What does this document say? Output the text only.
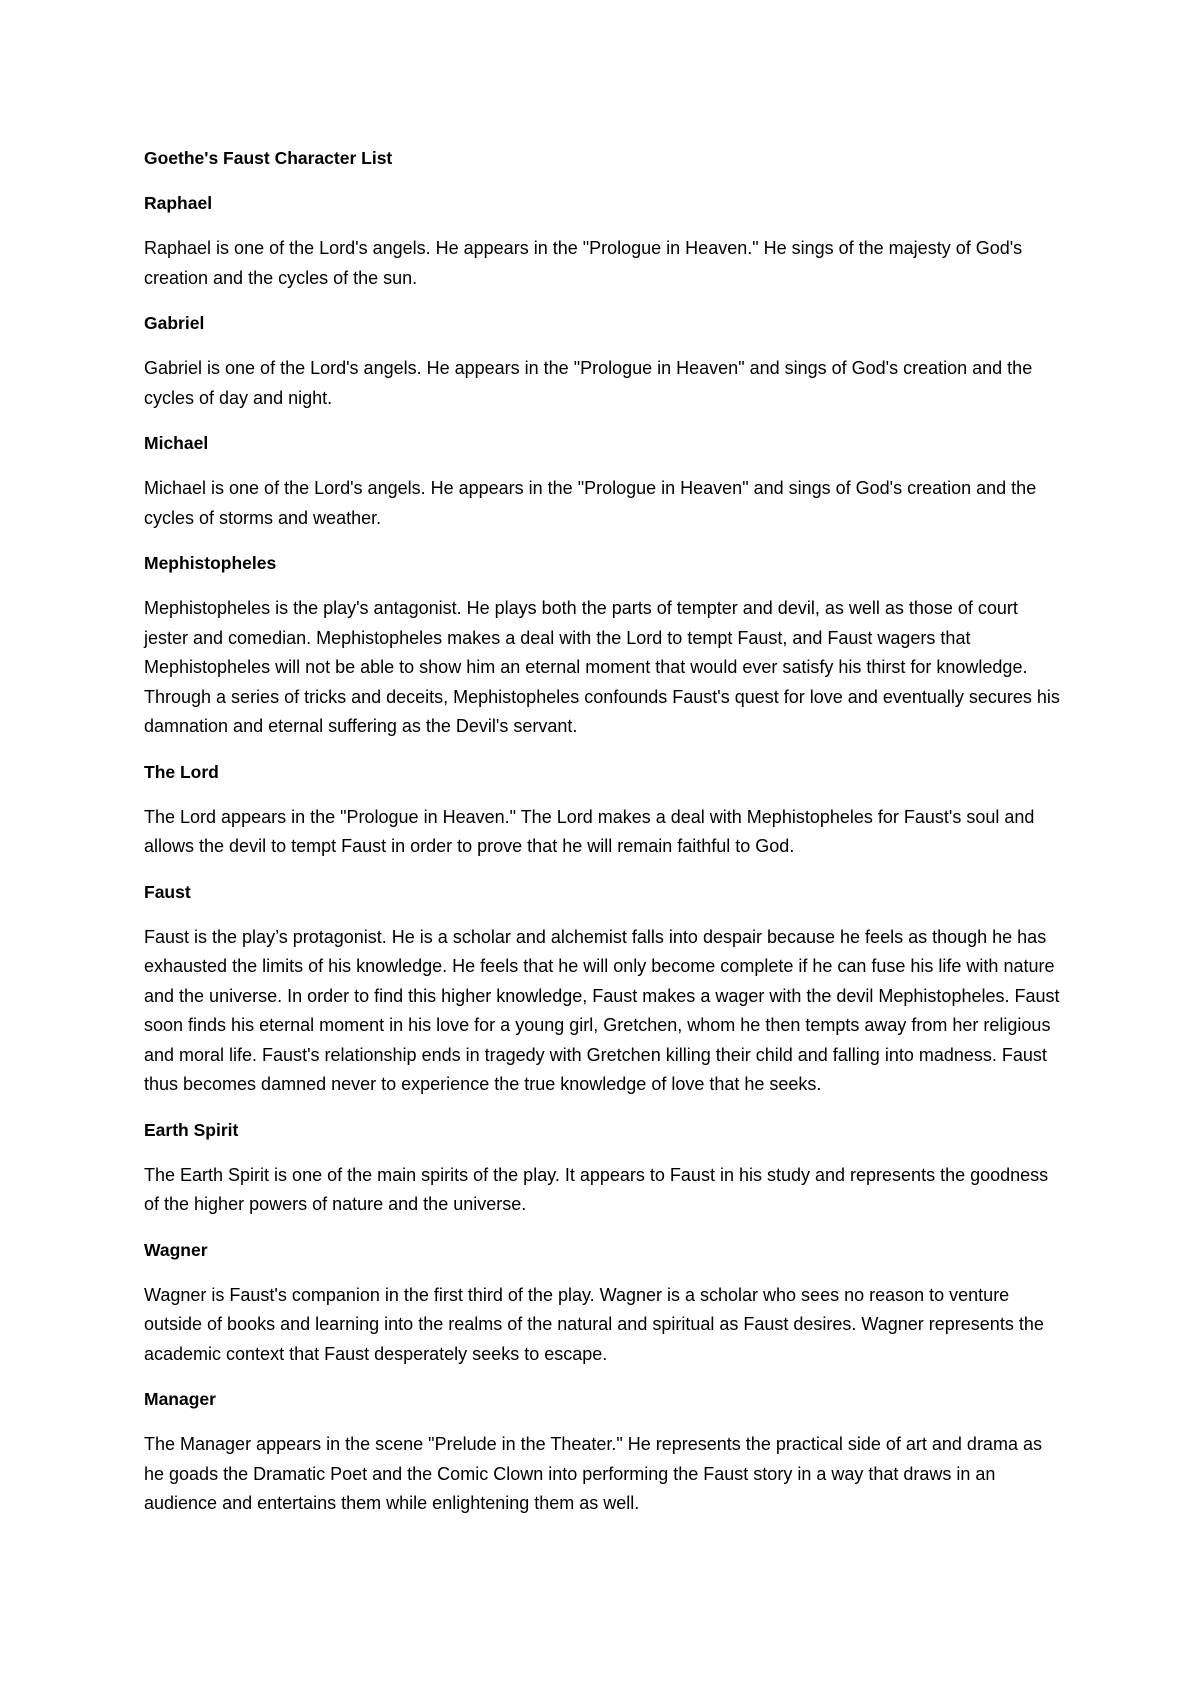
Goethe's Faust Character List

Raphael

Raphael is one of the Lord's angels. He appears in the "Prologue in Heaven." He sings of the majesty of God's creation and the cycles of the sun.

Gabriel

Gabriel is one of the Lord's angels. He appears in the "Prologue in Heaven" and sings of God's creation and the cycles of day and night.

Michael

Michael is one of the Lord's angels. He appears in the "Prologue in Heaven" and sings of God's creation and the cycles of storms and weather.

Mephistopheles

Mephistopheles is the play's antagonist. He plays both the parts of tempter and devil, as well as those of court jester and comedian. Mephistopheles makes a deal with the Lord to tempt Faust, and Faust wagers that Mephistopheles will not be able to show him an eternal moment that would ever satisfy his thirst for knowledge. Through a series of tricks and deceits, Mephistopheles confounds Faust's quest for love and eventually secures his damnation and eternal suffering as the Devil's servant.

The Lord

The Lord appears in the "Prologue in Heaven." The Lord makes a deal with Mephistopheles for Faust's soul and allows the devil to tempt Faust in order to prove that he will remain faithful to God.

Faust

Faust is the play’s protagonist. He is a scholar and alchemist falls into despair because he feels as though he has exhausted the limits of his knowledge. He feels that he will only become complete if he can fuse his life with nature and the universe. In order to find this higher knowledge, Faust makes a wager with the devil Mephistopheles. Faust soon finds his eternal moment in his love for a young girl, Gretchen, whom he then tempts away from her religious and moral life. Faust's relationship ends in tragedy with Gretchen killing their child and falling into madness. Faust thus becomes damned never to experience the true knowledge of love that he seeks.

Earth Spirit

The Earth Spirit is one of the main spirits of the play. It appears to Faust in his study and represents the goodness of the higher powers of nature and the universe.

Wagner

Wagner is Faust's companion in the first third of the play. Wagner is a scholar who sees no reason to venture outside of books and learning into the realms of the natural and spiritual as Faust desires. Wagner represents the academic context that Faust desperately seeks to escape.

Manager

The Manager appears in the scene "Prelude in the Theater." He represents the practical side of art and drama as he goads the Dramatic Poet and the Comic Clown into performing the Faust story in a way that draws in an audience and entertains them while enlightening them as well.
